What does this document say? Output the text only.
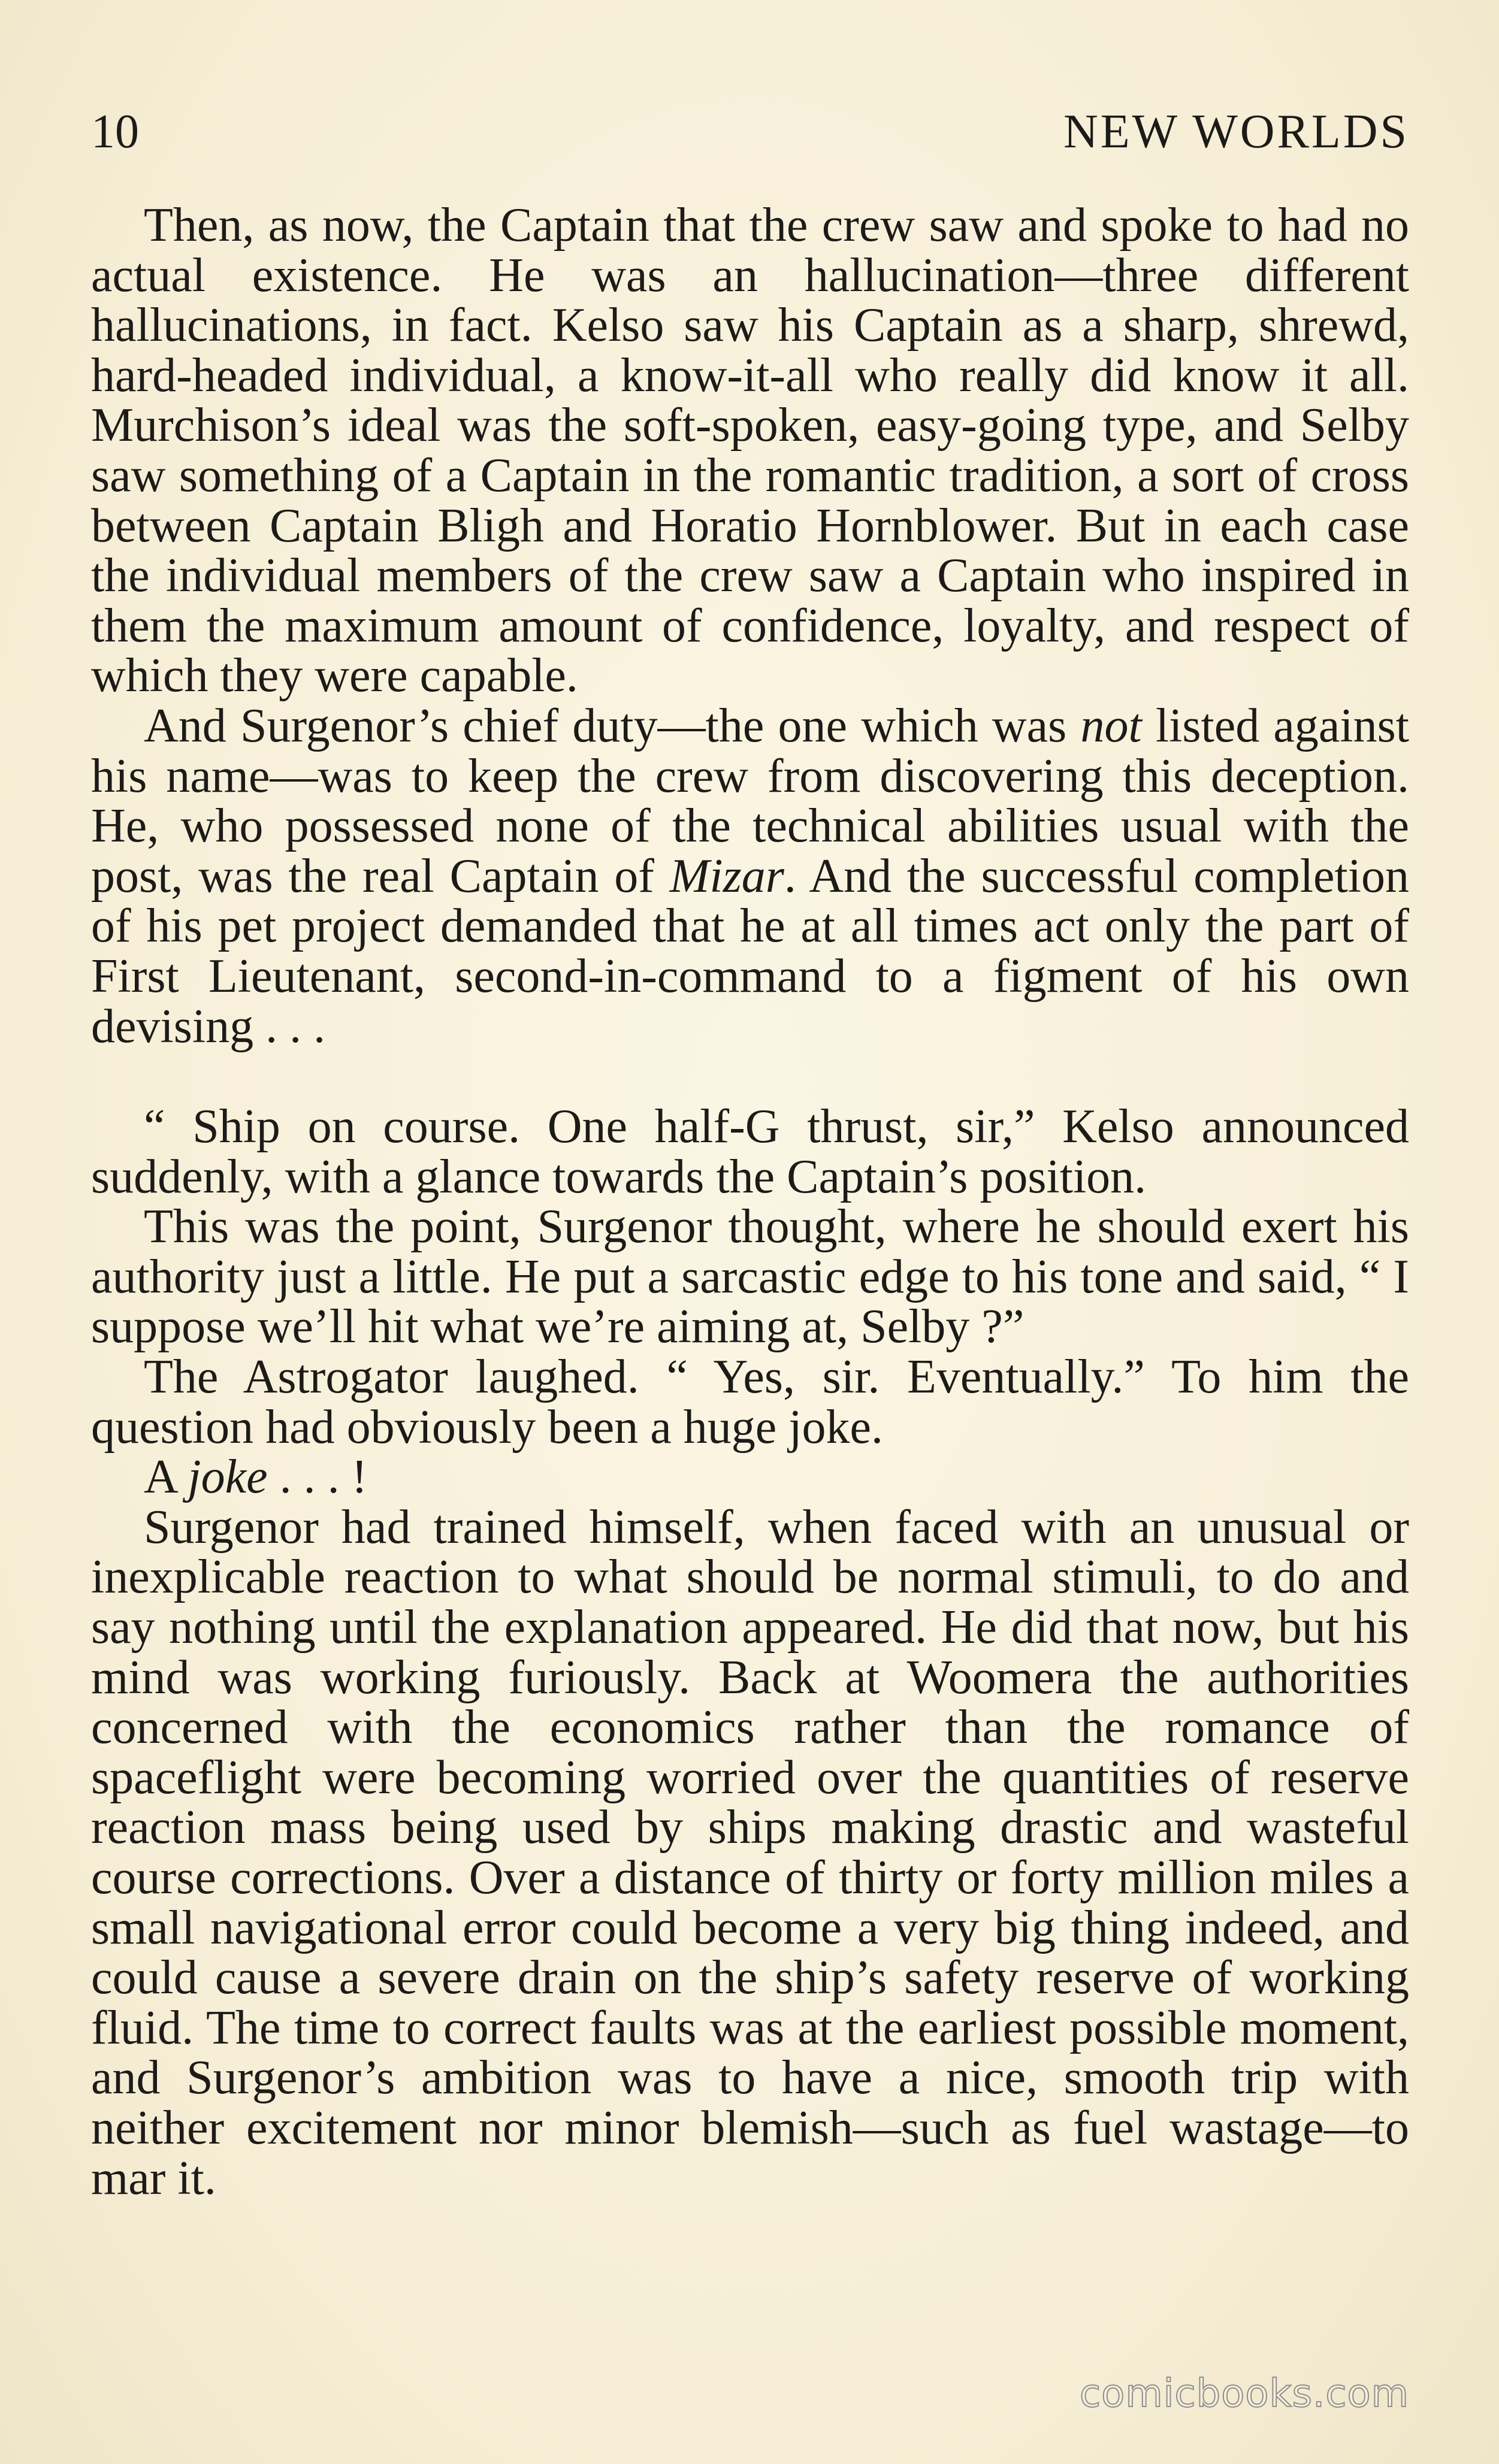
10	NEW WORLDS

Then, as now, the Captain that the crew saw and spoke to had no actual existence. He was an hallucination—three different hallucinations, in fact. Kelso saw his Captain as a sharp, shrewd, hard-headed individual, a know-it-all who really did know it all. Murchison’s ideal was the soft-spoken, easy-going type, and Selby saw something of a Captain in the romantic tradition, a sort of cross between Captain Bligh and Horatio Hornblower. But in each case the individual members of the crew saw a Captain who inspired in them the maximum amount of confidence, loyalty, and respect of which they were capable.

And Surgenor’s chief duty—the one which was not listed against his name—was to keep the crew from discovering this deception. He, who possessed none of the technical abilities usual with the post, was the real Captain of Mizar. And the successful completion of his pet project demanded that he at all times act only the part of First Lieutenant, second-in-command to a figment of his own devising . . .

“ Ship on course. One half-G thrust, sir,” Kelso announced suddenly, with a glance towards the Captain’s position.

This was the point, Surgenor thought, where he should exert his authority just a little. He put a sarcastic edge to his tone and said, “ I suppose we’ll hit what we’re aiming at, Selby ?”

The Astrogator laughed. “ Yes, sir. Eventually.” To him the question had obviously been a huge joke.

A joke . . . !

Surgenor had trained himself, when faced with an unusual or inexplicable reaction to what should be normal stimuli, to do and say nothing until the explanation appeared. He did that now, but his mind was working furiously. Back at Woomera the authorities concerned with the economics rather than the romance of spaceflight were becoming worried over the quantities of reserve reaction mass being used by ships making drastic and wasteful course corrections. Over a distance of thirty or forty million miles a small navigational error could become a very big thing indeed, and could cause a severe drain on the ship’s safety reserve of working fluid. The time to correct faults was at the earliest possible moment, and Surgenor’s ambition was to have a nice, smooth trip with neither excitement nor minor blemish—such as fuel wastage—to mar it.

comicbooks.com
